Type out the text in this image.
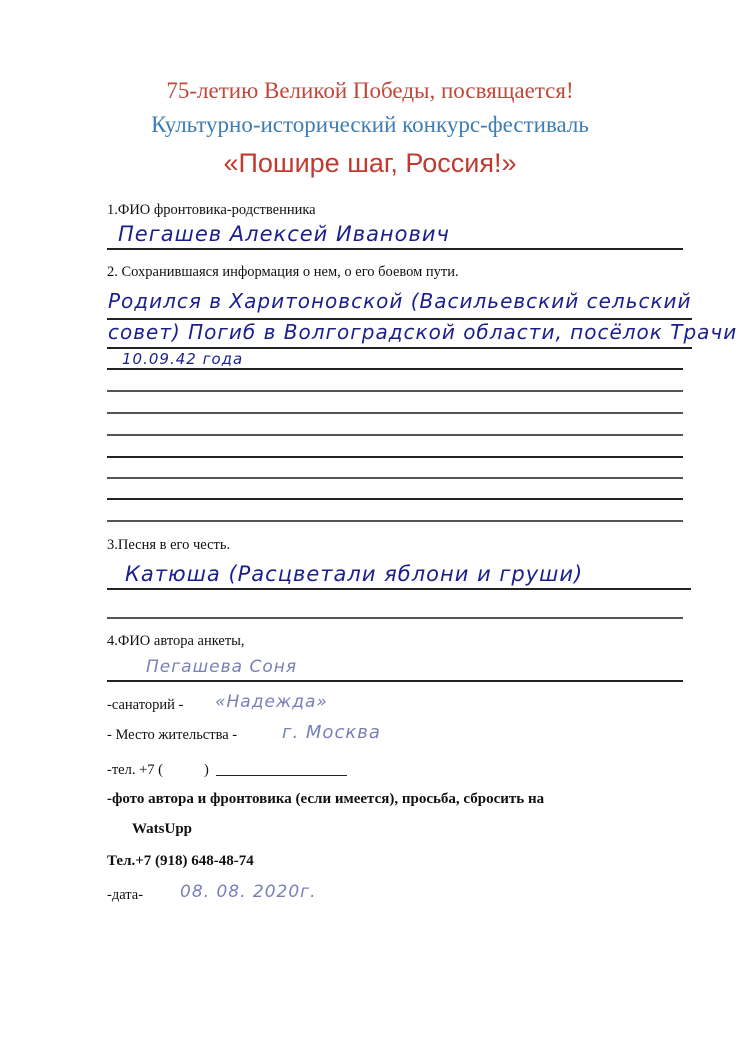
75-летию Великой Победы, посвящается!
Культурно-исторический конкурс-фестиваль
«Пошире шаг, Россия!»
1.ФИО фронтовика-родственника
Пегашев Алексей Иванович
2. Сохранившаяся информация о нем, о его боевом пути.
Родился в Харитоновской (Васильевский сельский
совет) Погиб в Волгоградской области, посёлок Трачи
10.09.42 года
3.Песня в его честь.
Катюша (Расцветали яблони и груши)
4.ФИО автора анкеты,
Пегашева Соня
-санаторий - «Надежда»
- Место жительства - г. Москва
-тел. +7 (	)
-фото автора и фронтовика (если имеется), просьба, сбросить на
WatsUpp
Тел.+7 (918) 648-48-74
-дата- 08. 08. 2020г.
